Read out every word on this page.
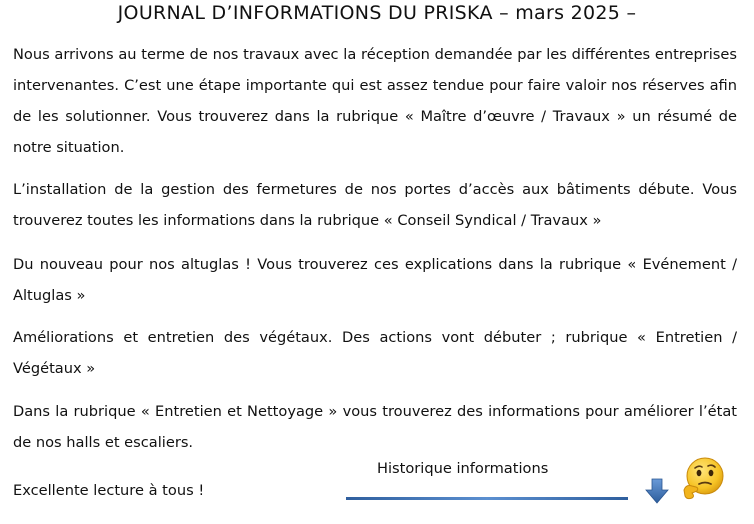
JOURNAL D’INFORMATIONS DU PRISKA – mars 2025 –

Nous arrivons au terme de nos travaux avec la réception demandée par les différentes entreprises intervenantes. C’est une étape importante qui est assez tendue pour faire valoir nos réserves afin de les solutionner. Vous trouverez dans la rubrique « Maître d’œuvre / Travaux » un résumé de notre situation.

L’installation de la gestion des fermetures de nos portes d’accès aux bâtiments débute. Vous trouverez toutes les informations dans la rubrique « Conseil Syndical / Travaux »

Du nouveau pour nos altuglas ! Vous trouverez ces explications dans la rubrique « Evénement / Altuglas »

Améliorations et entretien des végétaux. Des actions vont débuter ; rubrique « Entretien / Végétaux »

Dans la rubrique « Entretien et Nettoyage » vous trouverez des informations pour améliorer l’état de nos halls et escaliers.

Excellente lecture à tous !
Historique informations
